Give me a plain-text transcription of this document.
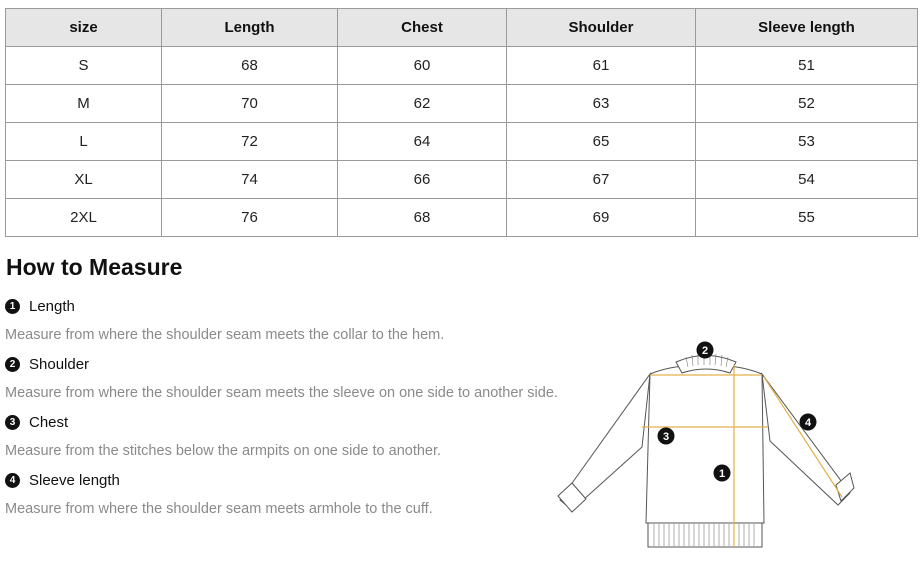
size	Length	Chest	Shoulder	Sleeve length
S	68	60	61	51
M	70	62	63	52
L	72	64	65	53
XL	74	66	67	54
2XL	76	68	69	55
How to Measure
1 Length
Measure from where the shoulder seam meets the collar to the hem.
2 Shoulder
Measure from where the shoulder seam meets the sleeve on one side to another side.
3 Chest
Measure from the stitches below the armpits on one side to another.
4 Sleeve length
Measure from where the shoulder seam meets armhole to the cuff.
1
2
3
4
